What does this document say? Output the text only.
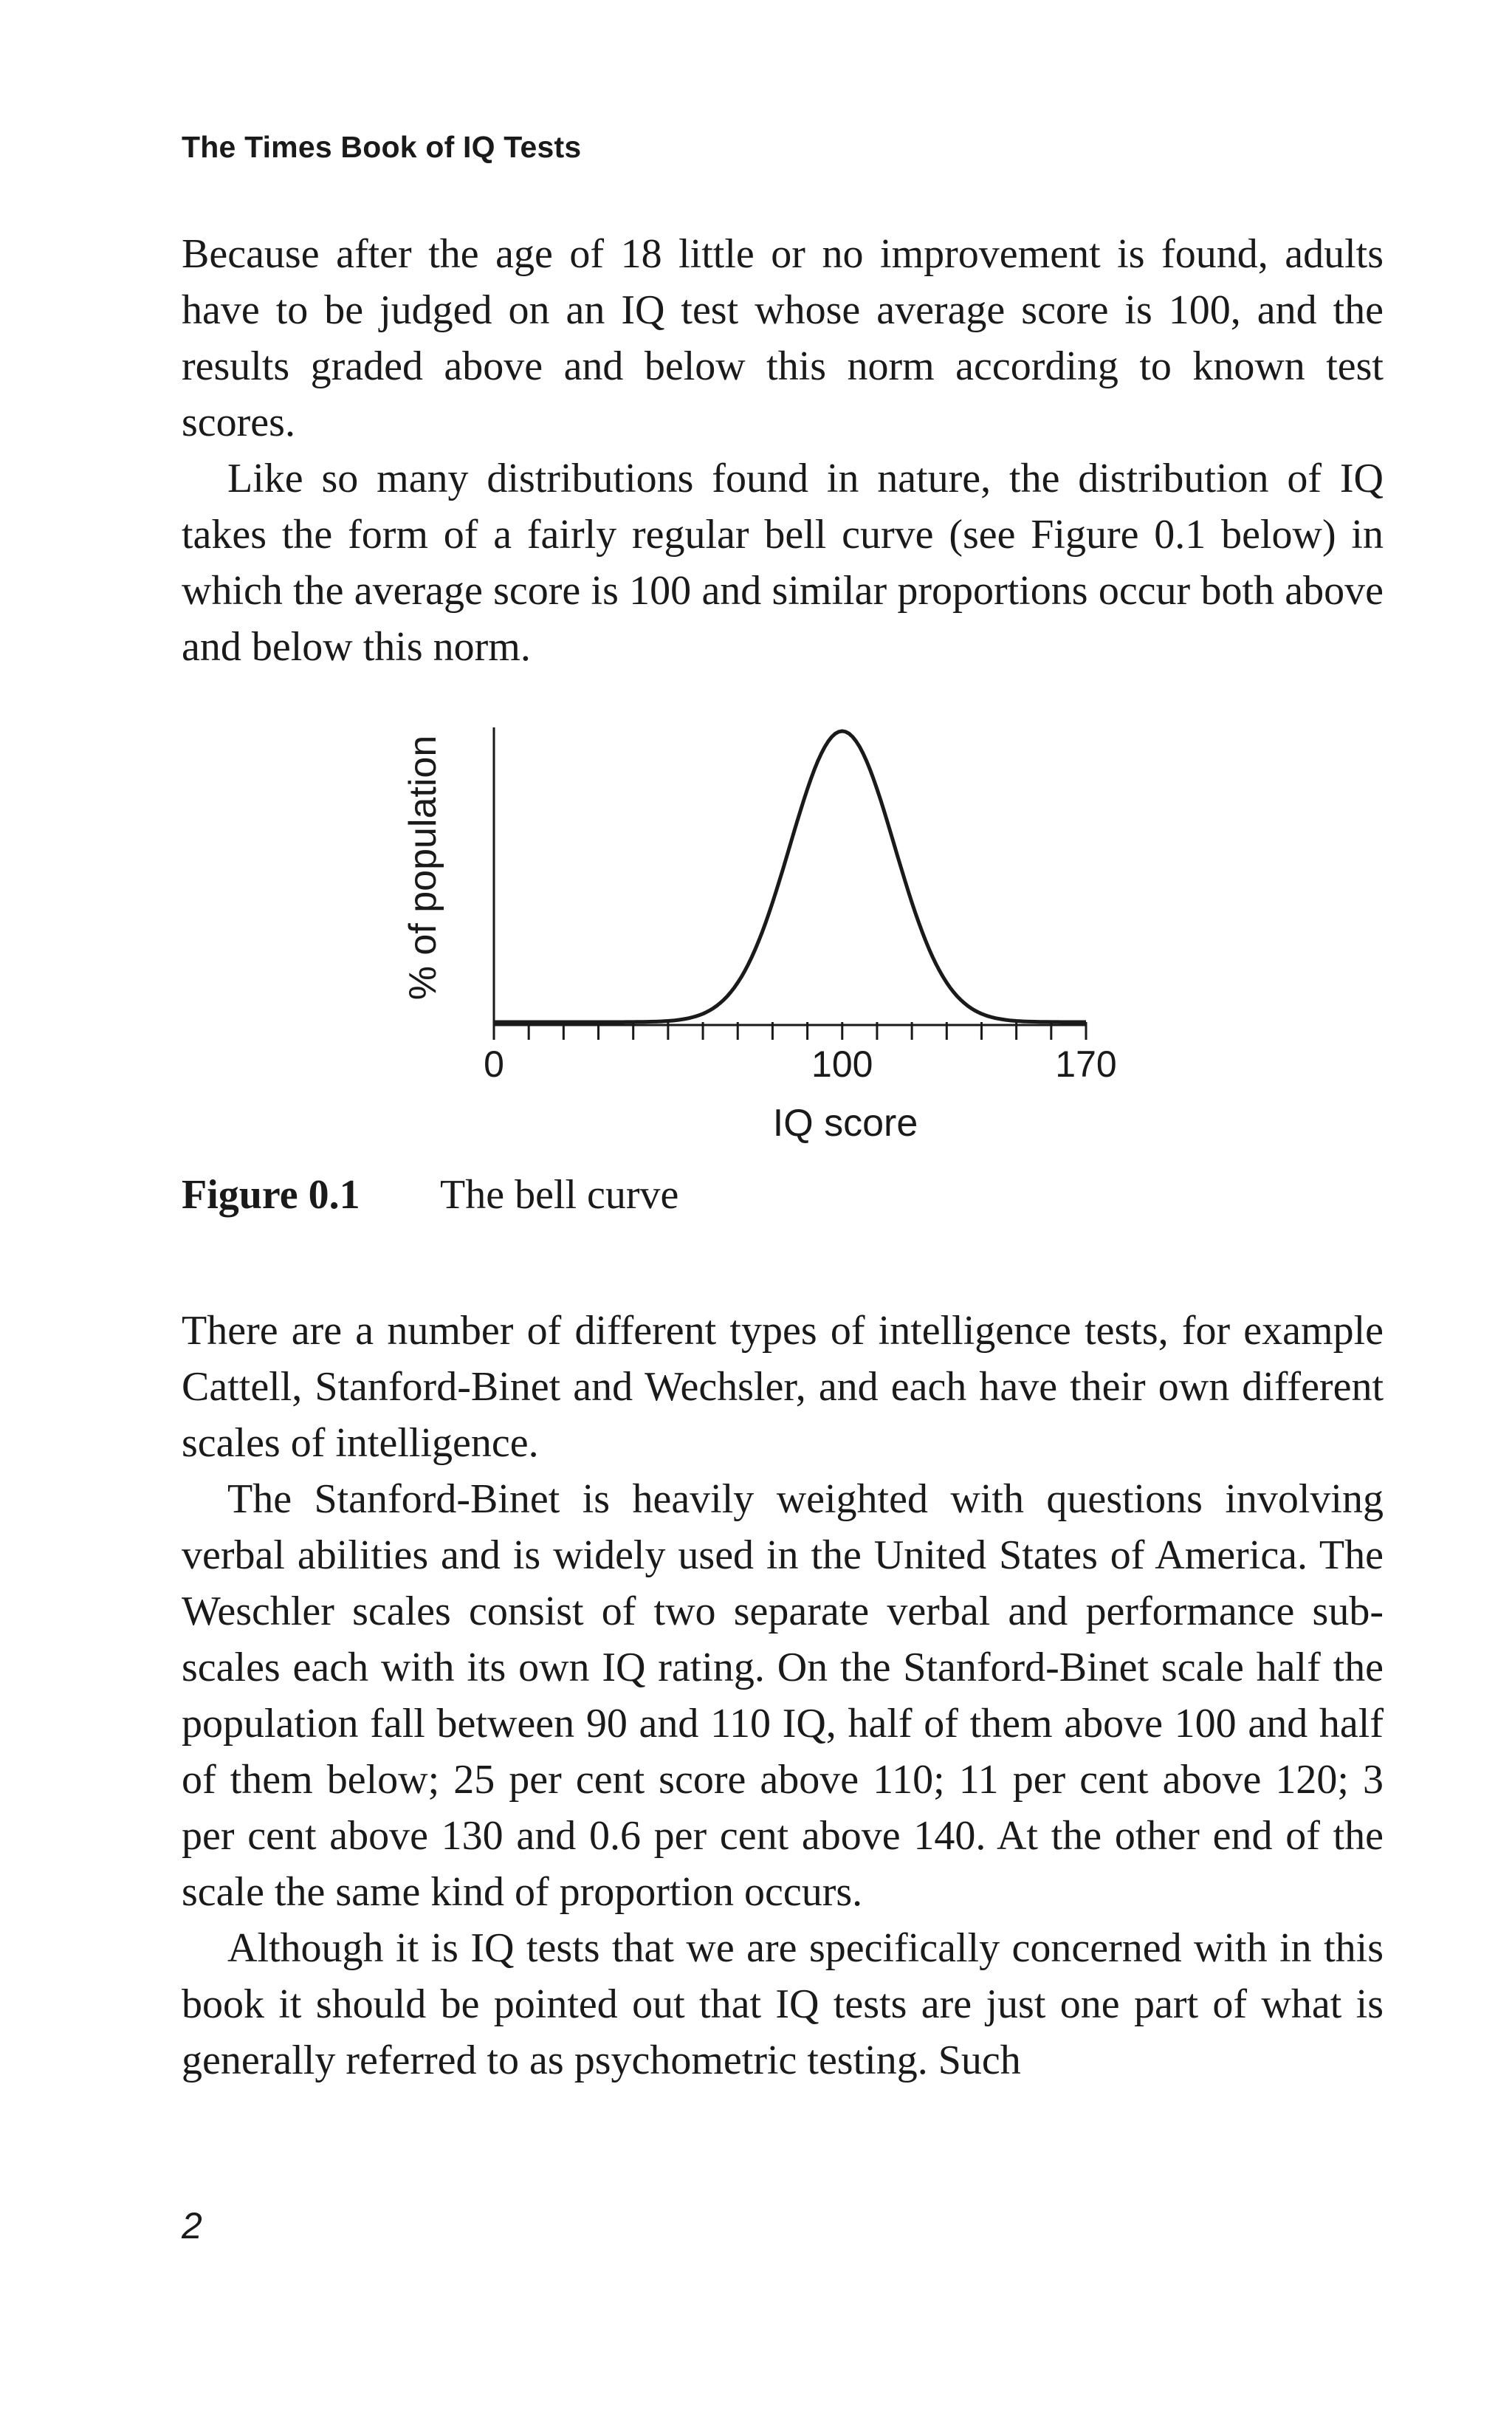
The Times Book of IQ Tests

Because after the age of 18 little or no improvement is found, adults have to be judged on an IQ test whose average score is 100, and the results graded above and below this norm according to known test scores.

Like so many distributions found in nature, the distribution of IQ takes the form of a fairly regular bell curve (see Figure 0.1 below) in which the average score is 100 and similar proportions occur both above and below this norm.

0	100	170
IQ score
% of population
Figure 0.1 The bell curve

There are a number of different types of intelligence tests, for example Cattell, Stanford-Binet and Wechsler, and each have their own different scales of intelligence.

The Stanford-Binet is heavily weighted with questions involving verbal abilities and is widely used in the United States of America. The Weschler scales consist of two separate verbal and performance sub-scales each with its own IQ rating. On the Stanford-Binet scale half the population fall between 90 and 110 IQ, half of them above 100 and half of them below; 25 per cent score above 110; 11 per cent above 120; 3 per cent above 130 and 0.6 per cent above 140. At the other end of the scale the same kind of proportion occurs.

Although it is IQ tests that we are specifically concerned with in this book it should be pointed out that IQ tests are just one part of what is generally referred to as psychometric testing. Such

2
